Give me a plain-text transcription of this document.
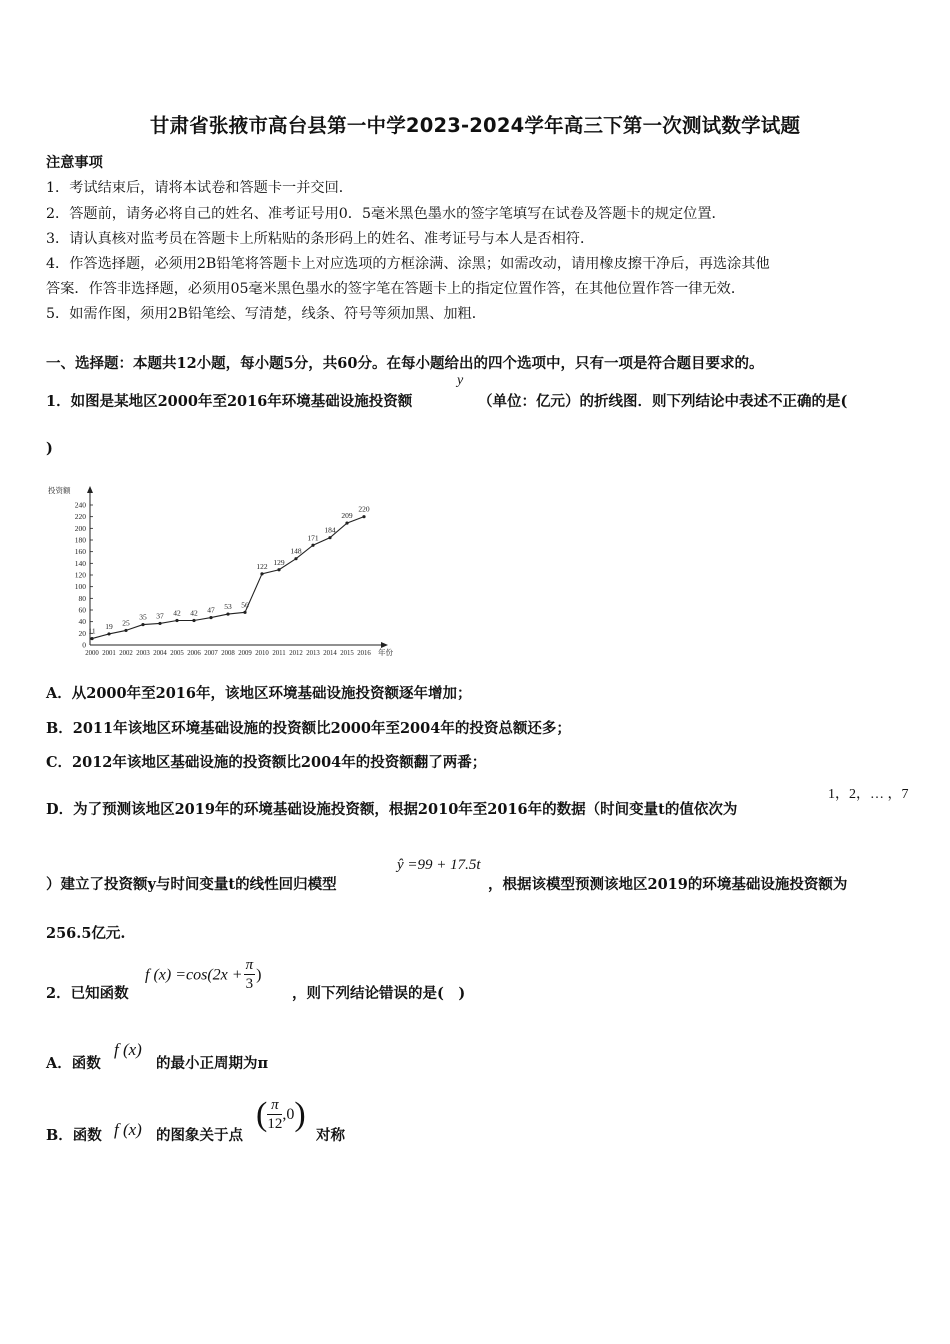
甘肃省张掖市高台县第一中学2023-2024学年高三下第一次测试数学试题
注意事项
1．考试结束后，请将本试卷和答题卡一并交回．
2．答题前，请务必将自己的姓名、准考证号用0．5毫米黑色墨水的签字笔填写在试卷及答题卡的规定位置．
3．请认真核对监考员在答题卡上所粘贴的条形码上的姓名、准考证号与本人是否相符．
4．作答选择题，必须用2B铅笔将答题卡上对应选项的方框涂满、涂黑；如需改动，请用橡皮擦干净后，再选涂其他
答案．作答非选择题，必须用05毫米黑色墨水的签字笔在答题卡上的指定位置作答，在其他位置作答一律无效．
5．如需作图，须用2B铅笔绘、写清楚，线条、符号等须加黑、加粗．
一、选择题：本题共12小题，每小题5分，共60分。在每小题给出的四个选项中，只有一项是符合题目要求的。
1．如图是某地区2000年至2016年环境基础设施投资额
y
（单位：亿元）的折线图．则下列结论中表述不正确的是(
)
投资额
年份
0
20
40
60
80
100
120
140
160
180
200
220
240
2000 2001 2002 2003 2004 2005 2006 2007 2008 2009 2010 2011 2012 2013 2014 2015 2016
11
19 25
35 37 42 42 47 53 56
122 129
148
171
184
209
220
A．从2000年至2016年，该地区环境基础设施投资额逐年增加；
B．2011年该地区环境基础设施的投资额比2000年至2004年的投资总额还多；
C．2012年该地区基础设施的投资额比2004年的投资额翻了两番；
D．为了预测该地区2019年的环境基础设施投资额，根据2010年至2016年的数据（时间变量t的值依次为
1，2，… ，7
）建立了投资额y与时间变量t的线性回归模型
ŷ =99 + 17.5t
，根据该模型预测该地区2019的环境基础设施投资额为
256.5亿元.
2．已知函数
f $(x) =\cos(2x + \frac{\pi}{3}$ )
，则下列结论错误的是(　)
A．函数
f (x)
的最小正周期为π
B．函数 f (x) 的图象关于点
( $\frac{\pi}{12} ,0$)
对称
